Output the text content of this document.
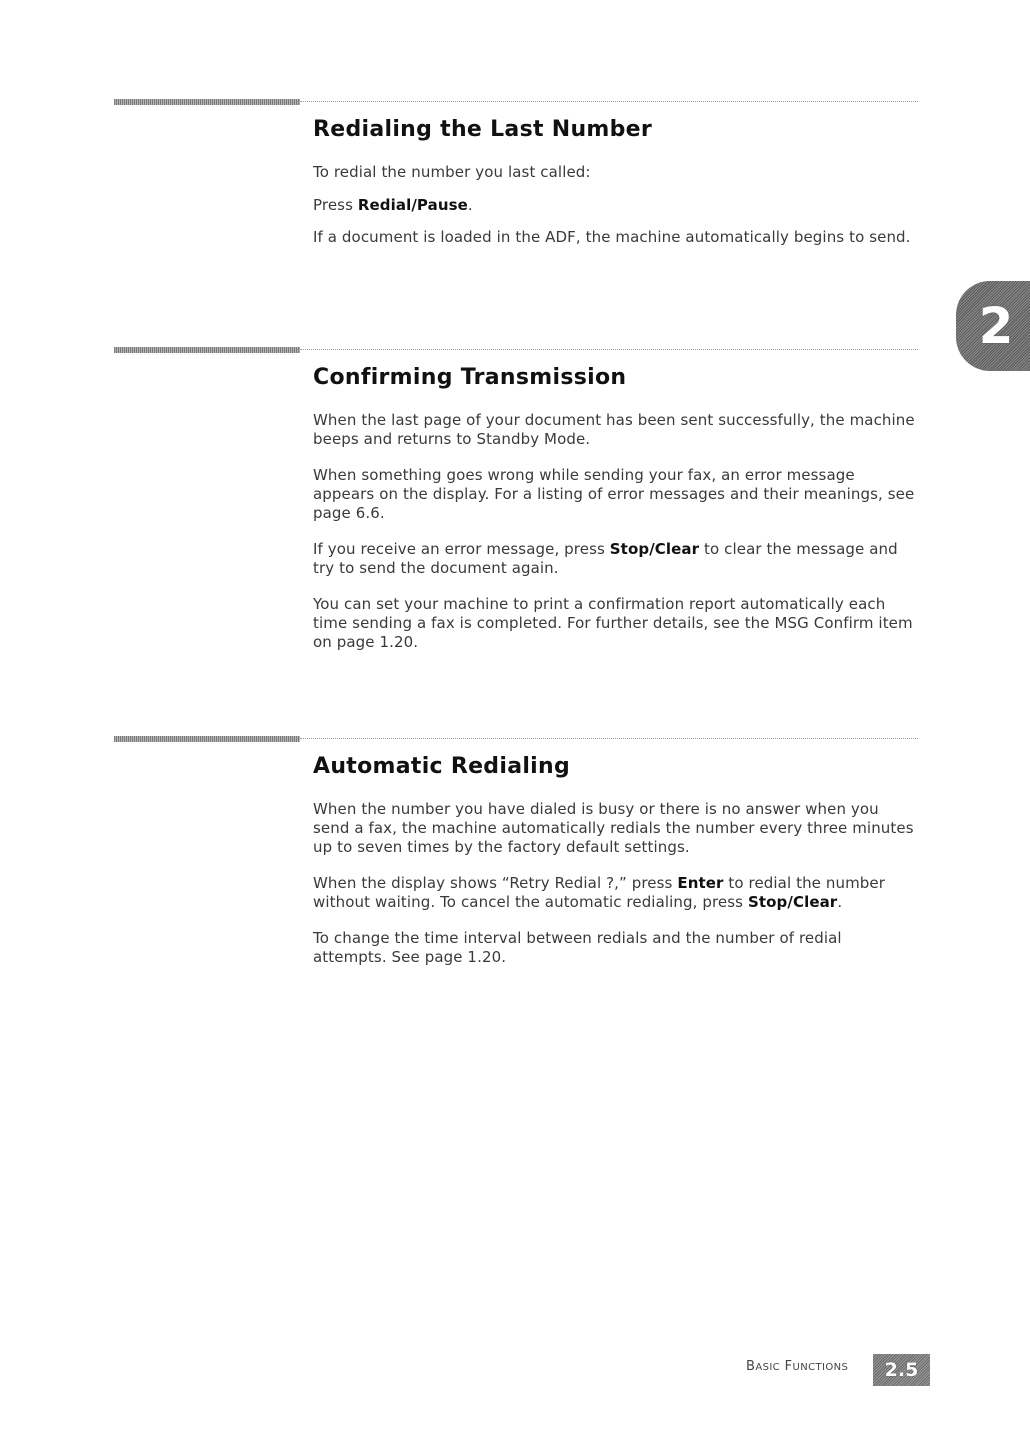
2
Redialing the Last Number

To redial the number you last called:

Press Redial/Pause.

If a document is loaded in the ADF, the machine automatically begins to send.

Confirming Transmission

When the last page of your document has been sent successfully, the machine beeps and returns to Standby Mode.

When something goes wrong while sending your fax, an error message appears on the display. For a listing of error messages and their meanings, see page 6.6.

If you receive an error message, press Stop/Clear to clear the message and try to send the document again.

You can set your machine to print a confirmation report automatically each time sending a fax is completed. For further details, see the MSG Confirm item on page 1.20.

Automatic Redialing

When the number you have dialed is busy or there is no answer when you send a fax, the machine automatically redials the number every three minutes up to seven times by the factory default settings.

When the display shows “Retry Redial ?,” press Enter to redial the number without waiting. To cancel the automatic redialing, press Stop/Clear.

To change the time interval between redials and the number of redial attempts. See page 1.20.

BASIC FUNCTIONS 2.5
